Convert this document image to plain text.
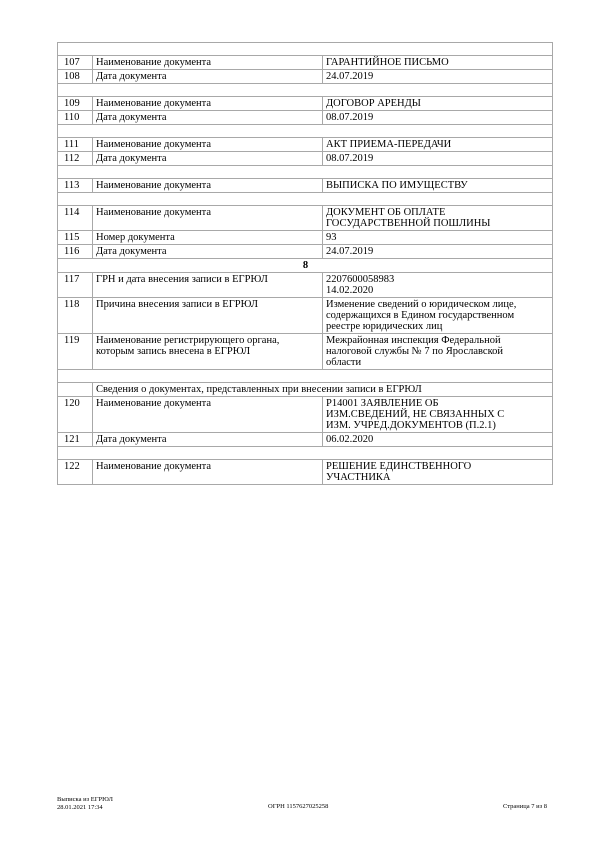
107	Наименование документа	ГАРАНТИЙНОЕ ПИСЬМО
108	Дата документа	24.07.2019

109	Наименование документа	ДОГОВОР АРЕНДЫ
110	Дата документа	08.07.2019

111	Наименование документа	АКТ ПРИЕМА-ПЕРЕДАЧИ
112	Дата документа	08.07.2019

113	Наименование документа	ВЫПИСКА ПО ИМУЩЕСТВУ

114	Наименование документа	ДОКУМЕНТ ОБ ОПЛАТЕ
ГОСУДАРСТВЕННОЙ ПОШЛИНЫ
115	Номер документа	93
116	Дата документа	24.07.2019
8		
117	ГРН и дата внесения записи в ЕГРЮЛ	2207600058983
14.02.2020
118	Причина внесения записи в ЕГРЮЛ	Изменение сведений о юридическом лице,
содержащихся в Едином государственном
реестре юридических лиц
119	Наименование регистрирующего органа,
которым запись внесена в ЕГРЮЛ	Межрайонная инспекция Федеральной
налоговой службы № 7 по Ярославской
области

	Сведения о документах, представленных при внесении записи в ЕГРЮЛ	
120	Наименование документа	Р14001 ЗАЯВЛЕНИЕ ОБ
ИЗМ.СВЕДЕНИЙ, НЕ СВЯЗАННЫХ С
ИЗМ. УЧРЕД.ДОКУМЕНТОВ (П.2.1)
121	Дата документа	06.02.2020

122	Наименование документа	РЕШЕНИЕ ЕДИНСТВЕННОГО
УЧАСТНИКА
Выписка из ЕГРЮЛ
28.01.2021 17:34	ОГРН 1157627025258	Страница 7 из 8
